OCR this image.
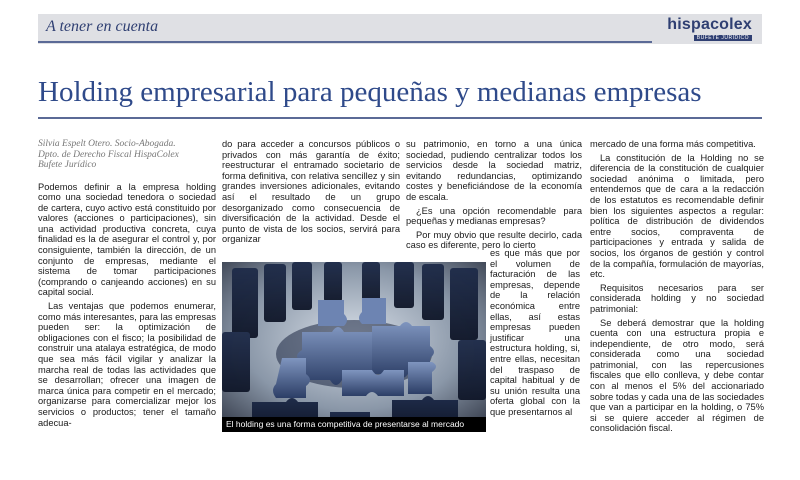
A tener en cuenta	hispacolex
BUFETE JURÍDICO
Holding empresarial para pequeñas y medianas empresas
Silvia Espelt Otero. Socio-Abogada.
Dpto. de Derecho Fiscal HispaColex
Bufete Jurídico

Podemos definir a la empresa holding como una sociedad tenedora o sociedad de cartera, cuyo activo está constituido por valores (acciones o participaciones), sin una actividad productiva concreta, cuya finalidad es la de asegurar el control y, por consiguiente, también la dirección, de un conjunto de empresas, mediante el sistema de tomar participaciones (comprando o canjeando acciones) en su capital social.

Las ventajas que podemos enumerar, como más interesantes, para las empresas pueden ser: la optimización de obligaciones con el fisco; la posibilidad de construir una atalaya estratégica, de modo que sea más fácil vigilar y analizar la marcha real de todas las actividades que se desarrollan; ofrecer una imagen de marca única para competir en el mercado; organizarse para comercializar mejor los servicios o productos; tener el tamaño adecua-

do para acceder a concursos públicos o privados con más garantía de éxito; reestructurar el entramado societario de forma definitiva, con relativa sencillez y sin grandes inversiones adicionales, evitando así el resultado de un grupo desorganizado como consecuencia de diversificación de la actividad. Desde el punto de vista de los socios, servirá para organizar

su patrimonio, en torno a una única sociedad, pudiendo centralizar todos los servicios desde la sociedad matriz, evitando redundancias, optimizando costes y beneficiándose de la economía de escala.

¿Es una opción recomendable para pequeñas y medianas empresas?

Por muy obvio que resulte decirlo, cada caso es diferente, pero lo cierto

es que más que por el volumen de facturación de las empresas, depende de la relación económica entre ellas, así estas empresas pueden justificar una estructura holding, si, entre ellas, necesitan del traspaso de capital habitual y de su unión resulta una oferta global con la que presentarnos al

mercado de una forma más competitiva.

La constitución de la Holding no se diferencia de la constitución de cualquier sociedad anónima o limitada, pero entendemos que de cara a la redacción de los estatutos es recomendable definir bien los siguientes aspectos a regular: política de distribución de dividendos entre socios, compraventa de participaciones y entrada y salida de socios, los órganos de gestión y control de la compañía, formulación de mayorías, etc.

Requisitos necesarios para ser considerada holding y no sociedad patrimonial:

Se deberá demostrar que la holding cuenta con una estructura propia e independiente, de otro modo, será considerada como una sociedad patrimonial, con las repercusiones fiscales que ello conlleva, y debe contar con al menos el 5% del accionariado sobre todas y cada una de las sociedades que van a participar en la holding, o 75% si se quiere acceder al régimen de consolidación fiscal.

El holding es una forma competitiva de presentarse al mercado
